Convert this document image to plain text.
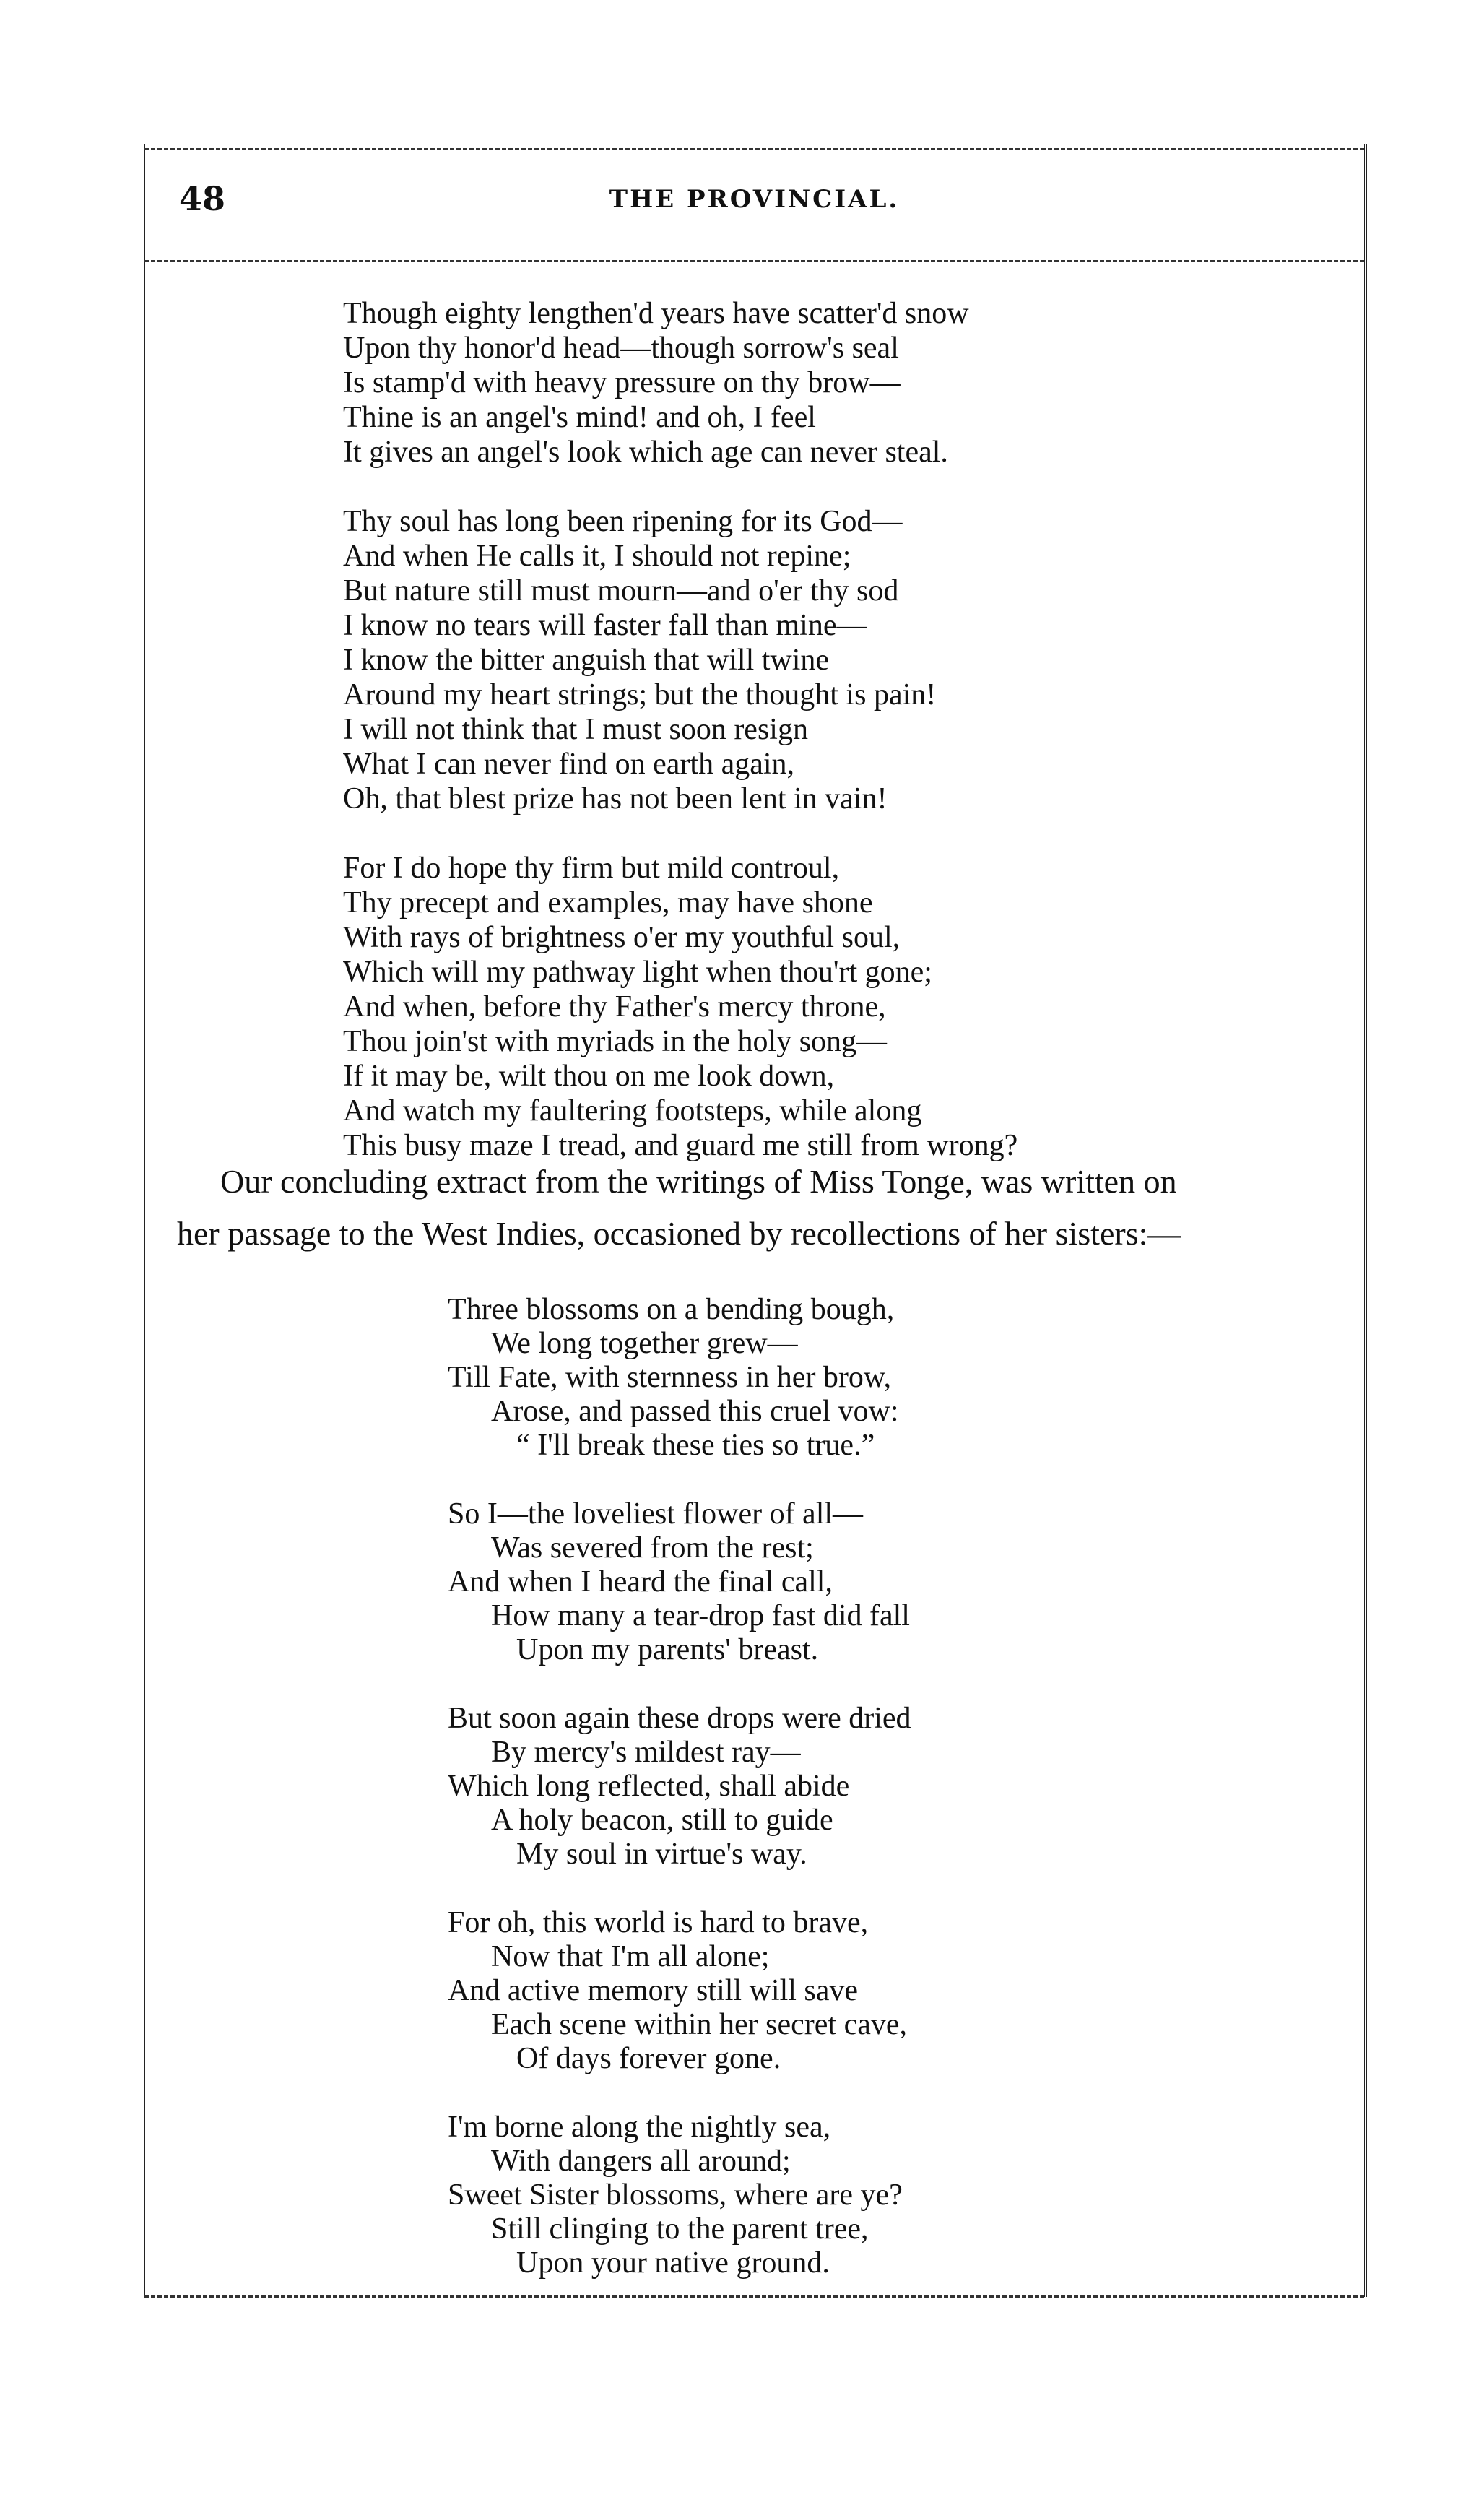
48	THE PROVINCIAL.
Though eighty lengthen'd years have scatter'd snow
Upon thy honor'd head—though sorrow's seal
Is stamp'd with heavy pressure on thy brow—
Thine is an angel's mind! and oh, I feel
It gives an angel's look which age can never steal.
Thy soul has long been ripening for its God—
And when He calls it, I should not repine;
But nature still must mourn—and o'er thy sod
I know no tears will faster fall than mine—
I know the bitter anguish that will twine
Around my heart strings; but the thought is pain!
I will not think that I must soon resign
What I can never find on earth again,
Oh, that blest prize has not been lent in vain!
For I do hope thy firm but mild controul,
Thy precept and examples, may have shone
With rays of brightness o'er my youthful soul,
Which will my pathway light when thou'rt gone;
And when, before thy Father's mercy throne,
Thou join'st with myriads in the holy song—
If it may be, wilt thou on me look down,
And watch my faultering footsteps, while along
This busy maze I tread, and guard me still from wrong?
Our concluding extract from the writings of Miss Tonge, was written on
her passage to the West Indies, occasioned by recollections of her sisters:—
Three blossoms on a bending bough,
We long together grew—
Till Fate, with sternness in her brow,
Arose, and passed this cruel vow:
“ I'll break these ties so true.”
So I—the loveliest flower of all—
Was severed from the rest;
And when I heard the final call,
How many a tear-drop fast did fall
Upon my parents' breast.
But soon again these drops were dried
By mercy's mildest ray—
Which long reflected, shall abide
A holy beacon, still to guide
My soul in virtue's way.
For oh, this world is hard to brave,
Now that I'm all alone;
And active memory still will save
Each scene within her secret cave,
Of days forever gone.
I'm borne along the nightly sea,
With dangers all around;
Sweet Sister blossoms, where are ye?
Still clinging to the parent tree,
Upon your native ground.
